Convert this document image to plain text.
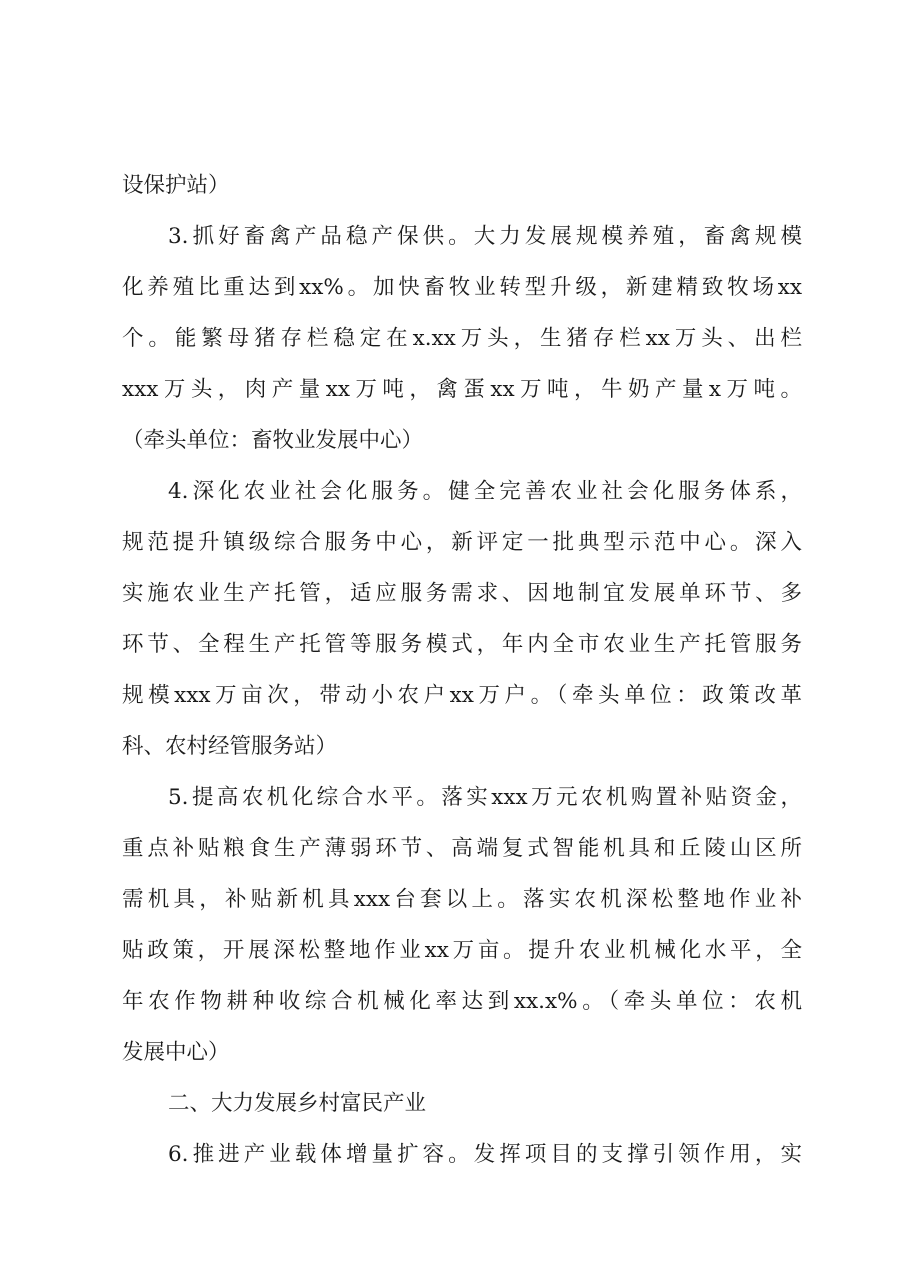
设保护站）
3.抓好畜禽产品稳产保供。大力发展规模养殖，畜禽规模
化养殖比重达到xx%。加快畜牧业转型升级，新建精致牧场xx
个。能繁母猪存栏稳定在x.xx万头，生猪存栏xx万头、出栏
xxx万头，肉产量xx万吨，禽蛋xx万吨，牛奶产量x万吨。
（牵头单位：畜牧业发展中心）
4.深化农业社会化服务。健全完善农业社会化服务体系，
规范提升镇级综合服务中心，新评定一批典型示范中心。深入
实施农业生产托管，适应服务需求、因地制宜发展单环节、多
环节、全程生产托管等服务模式，年内全市农业生产托管服务
规模xxx万亩次，带动小农户xx万户。（牵头单位：政策改革
科、农村经管服务站）
5.提高农机化综合水平。落实xxx万元农机购置补贴资金，
重点补贴粮食生产薄弱环节、高端复式智能机具和丘陵山区所
需机具，补贴新机具xxx台套以上。落实农机深松整地作业补
贴政策，开展深松整地作业xx万亩。提升农业机械化水平，全
年农作物耕种收综合机械化率达到xx.x%。（牵头单位：农机
发展中心）
二、大力发展乡村富民产业
6.推进产业载体增量扩容。发挥项目的支撑引领作用，实
